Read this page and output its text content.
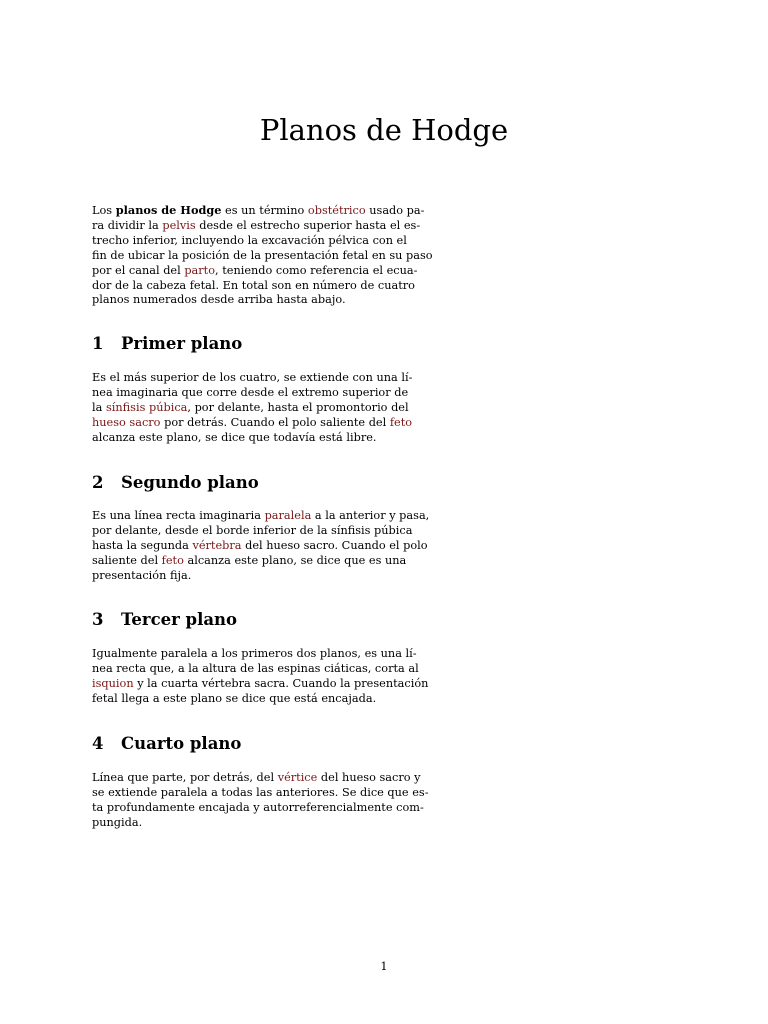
Planos de Hodge

Los planos de Hodge es un término obstétrico usado pa-
ra dividir la pelvis desde el estrecho superior hasta el es-
trecho inferior, incluyendo la excavación pélvica con el
fin de ubicar la posición de la presentación fetal en su paso
por el canal del parto, teniendo como referencia el ecua-
dor de la cabeza fetal. En total son en número de cuatro
planos numerados desde arriba hasta abajo.

1 Primer plano

Es el más superior de los cuatro, se extiende con una lí-
nea imaginaria que corre desde el extremo superior de
la sínfisis púbica, por delante, hasta el promontorio del
hueso sacro por detrás. Cuando el polo saliente del feto
alcanza este plano, se dice que todavía está libre.

2 Segundo plano

Es una línea recta imaginaria paralela a la anterior y pasa,
por delante, desde el borde inferior de la sínfisis púbica
hasta la segunda vértebra del hueso sacro. Cuando el polo
saliente del feto alcanza este plano, se dice que es una
presentación fija.

3 Tercer plano

Igualmente paralela a los primeros dos planos, es una lí-
nea recta que, a la altura de las espinas ciáticas, corta al
isquion y la cuarta vértebra sacra. Cuando la presentación
fetal llega a este plano se dice que está encajada.

4 Cuarto plano

Línea que parte, por detrás, del vértice del hueso sacro y
se extiende paralela a todas las anteriores. Se dice que es-
ta profundamente encajada y autorreferencialmente com-
pungida.

1
